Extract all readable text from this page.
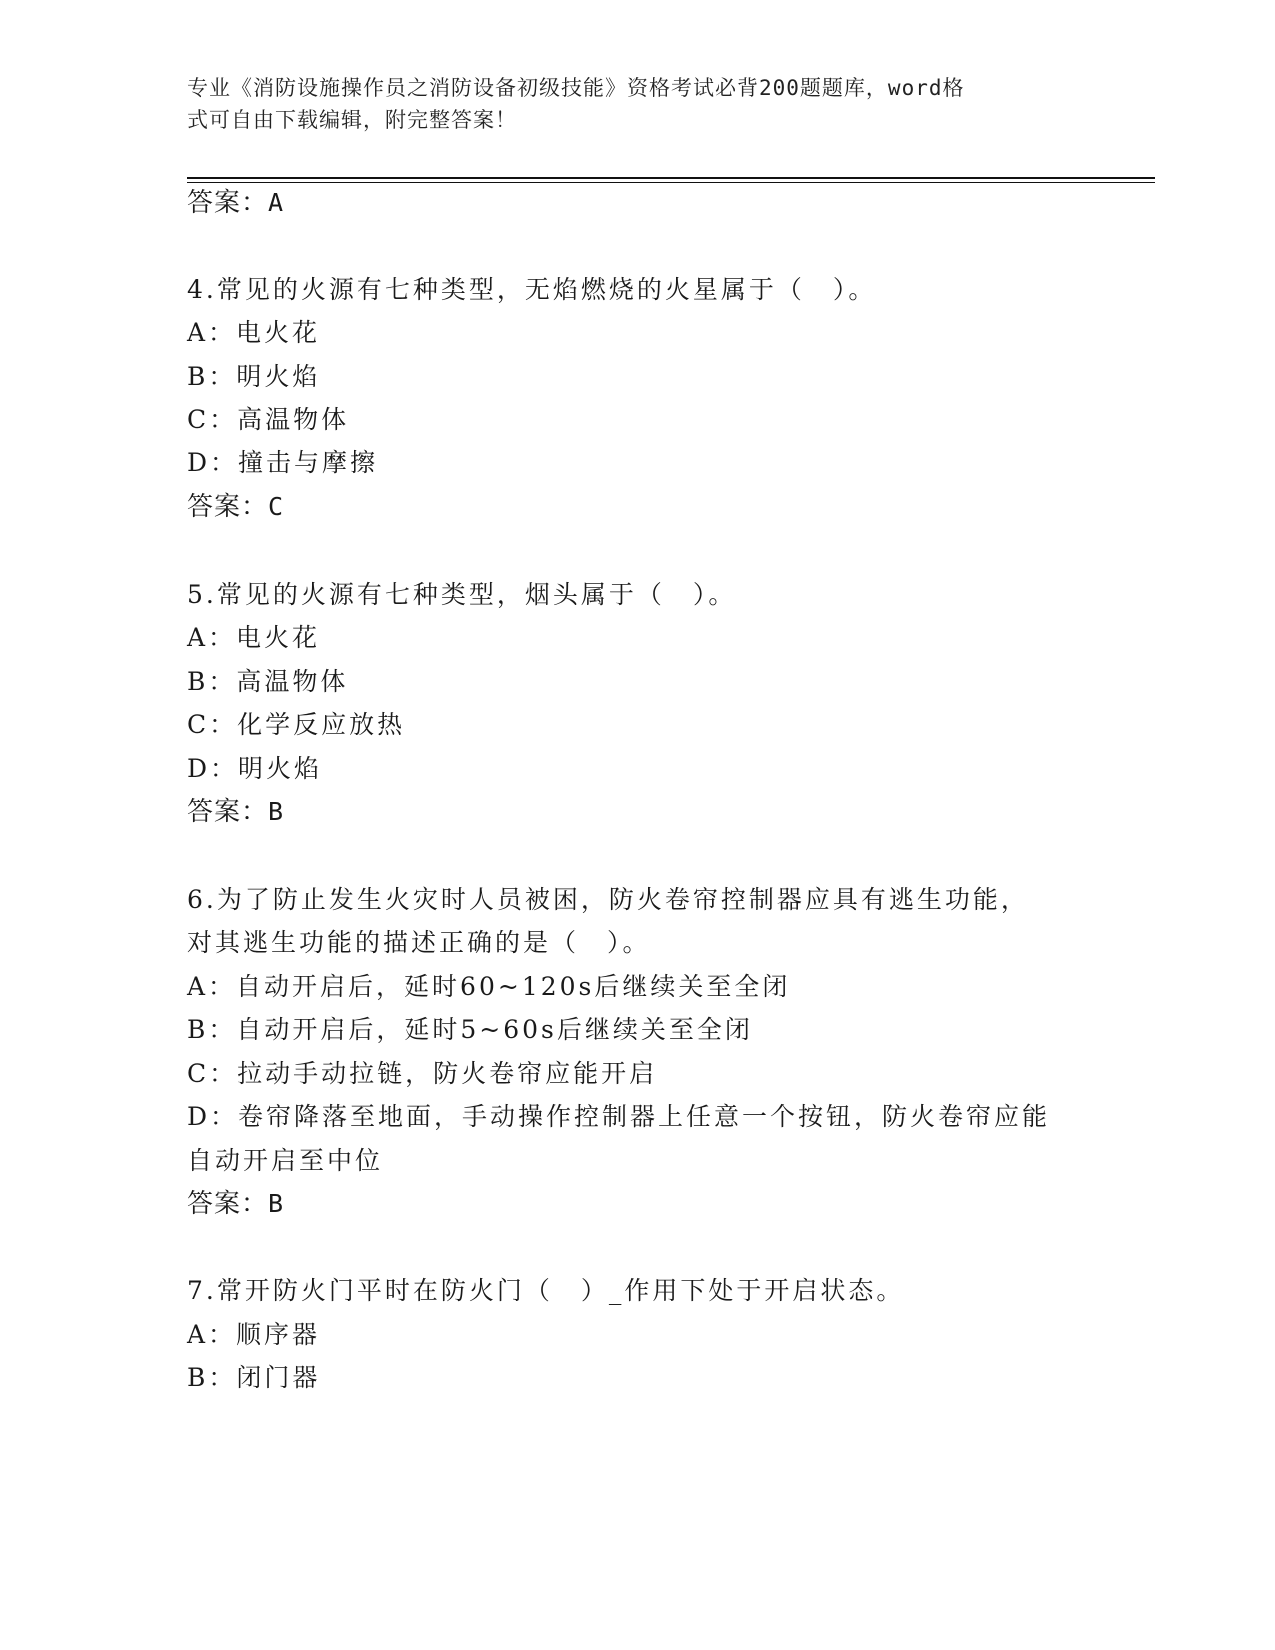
专业《消防设施操作员之消防设备初级技能》资格考试必背200题题库，word格
式可自由下载编辑，附完整答案！
答案：A
4.常见的火源有七种类型，无焰燃烧的火星属于（　）。
A：电火花
B：明火焰
C：高温物体
D：撞击与摩擦
答案：C
5.常见的火源有七种类型，烟头属于（　）。
A：电火花
B：高温物体
C：化学反应放热
D：明火焰
答案：B
6.为了防止发生火灾时人员被困，防火卷帘控制器应具有逃生功能，
对其逃生功能的描述正确的是（　）。
A：自动开启后，延时60~120s后继续关至全闭
B：自动开启后，延时5~60s后继续关至全闭
C：拉动手动拉链，防火卷帘应能开启
D：卷帘降落至地面，手动操作控制器上任意一个按钮，防火卷帘应能
自动开启至中位
答案：B
7.常开防火门平时在防火门（　）_作用下处于开启状态。
A：顺序器
B：闭门器
